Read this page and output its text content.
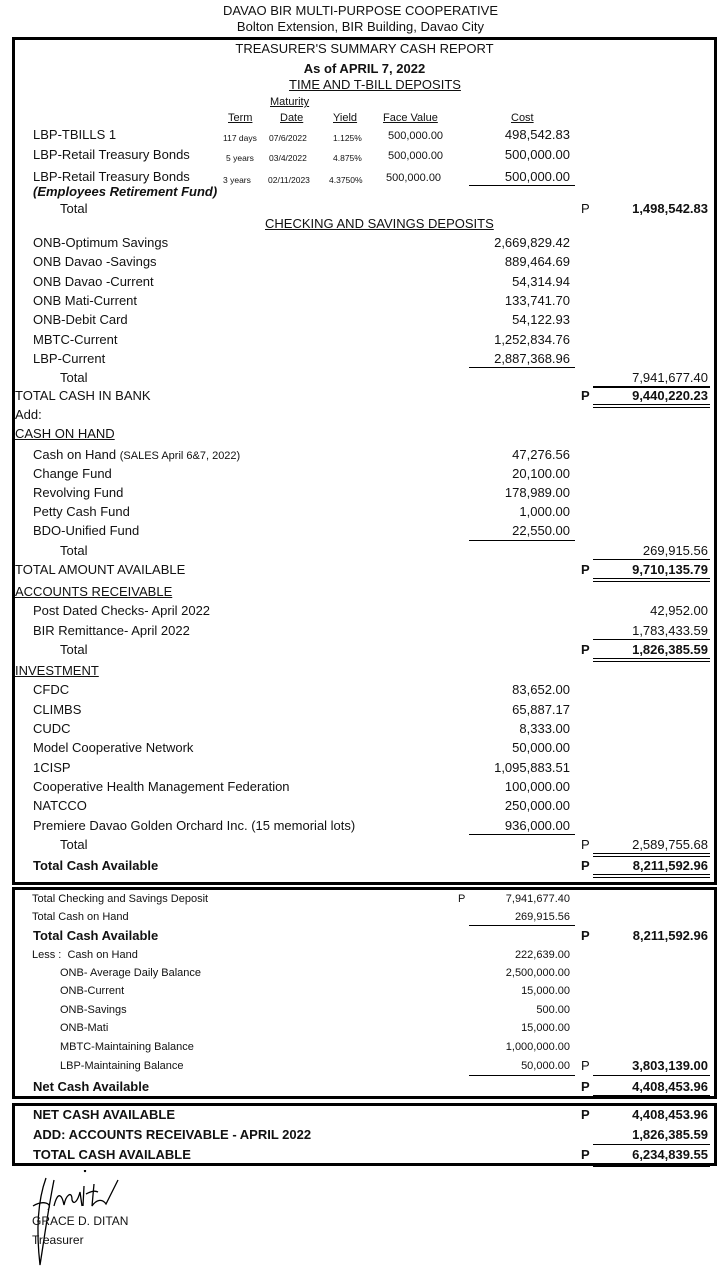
DAVAO BIR MULTI-PURPOSE COOPERATIVE
Bolton Extension, BIR Building, Davao City
TREASURER'S SUMMARY CASH REPORT
As of APRIL 7, 2022
TIME AND T-BILL DEPOSITS
Maturity
Term	Date	Yield Face Value	Cost
LBP-TBILLS 1	117 days 07/6/2022	1.125% 500,000.00	498,542.83
LBP-Retail Treasury Bonds	5 years 03/4/2022	4.875% 500,000.00	500,000.00
LBP-Retail Treasury Bonds	3 years 02/11/2023 4.3750% 500,000.00	500,000.00
(Employees Retirement Fund)
Total	P	1,498,542.83
CHECKING AND SAVINGS DEPOSITS
ONB-Optimum Savings	2,669,829.42
ONB Davao -Savings	889,464.69
ONB Davao -Current	54,314.94
ONB Mati-Current	133,741.70
ONB-Debit Card	54,122.93
MBTC-Current	1,252,834.76
LBP-Current	2,887,368.96
Total	7,941,677.40
TOTAL CASH IN BANK	P	9,440,220.23
Add:
CASH ON HAND
Cash on Hand (SALES April 6&7, 2022)	47,276.56
Change Fund	20,100.00
Revolving Fund	178,989.00
Petty Cash Fund	1,000.00
BDO-Unified Fund	22,550.00
Total	269,915.56
TOTAL AMOUNT AVAILABLE	P	9,710,135.79
ACCOUNTS RECEIVABLE
Post Dated Checks- April 2022	42,952.00
BIR Remittance- April 2022	1,783,433.59
Total	P	1,826,385.59
INVESTMENT
CFDC	83,652.00
CLIMBS	65,887.17
CUDC	8,333.00
Model Cooperative Network	50,000.00
1CISP	1,095,883.51
Cooperative Health Management Federation	100,000.00
NATCCO	250,000.00
Premiere Davao Golden Orchard Inc. (15 memorial lots)	936,000.00
Total	P	2,589,755.68
Total Cash Available	P	8,211,592.96
Total Checking and Savings Deposit	P	7,941,677.40
Total Cash on Hand	269,915.56
Total Cash Available	P	8,211,592.96
Less : Cash on Hand	222,639.00
ONB- Average Daily Balance	2,500,000.00
ONB-Current	15,000.00
ONB-Savings	500.00
ONB-Mati	15,000.00
MBTC-Maintaining Balance	1,000,000.00
LBP-Maintaining Balance	50,000.00 P	3,803,139.00
Net Cash Available	P	4,408,453.96
NET CASH AVAILABLE	P	4,408,453.96
ADD: ACCOUNTS RECEIVABLE - APRIL 2022	1,826,385.59
TOTAL CASH AVAILABLE	P	6,234,839.55
GRACE D. DITAN
Treasurer
